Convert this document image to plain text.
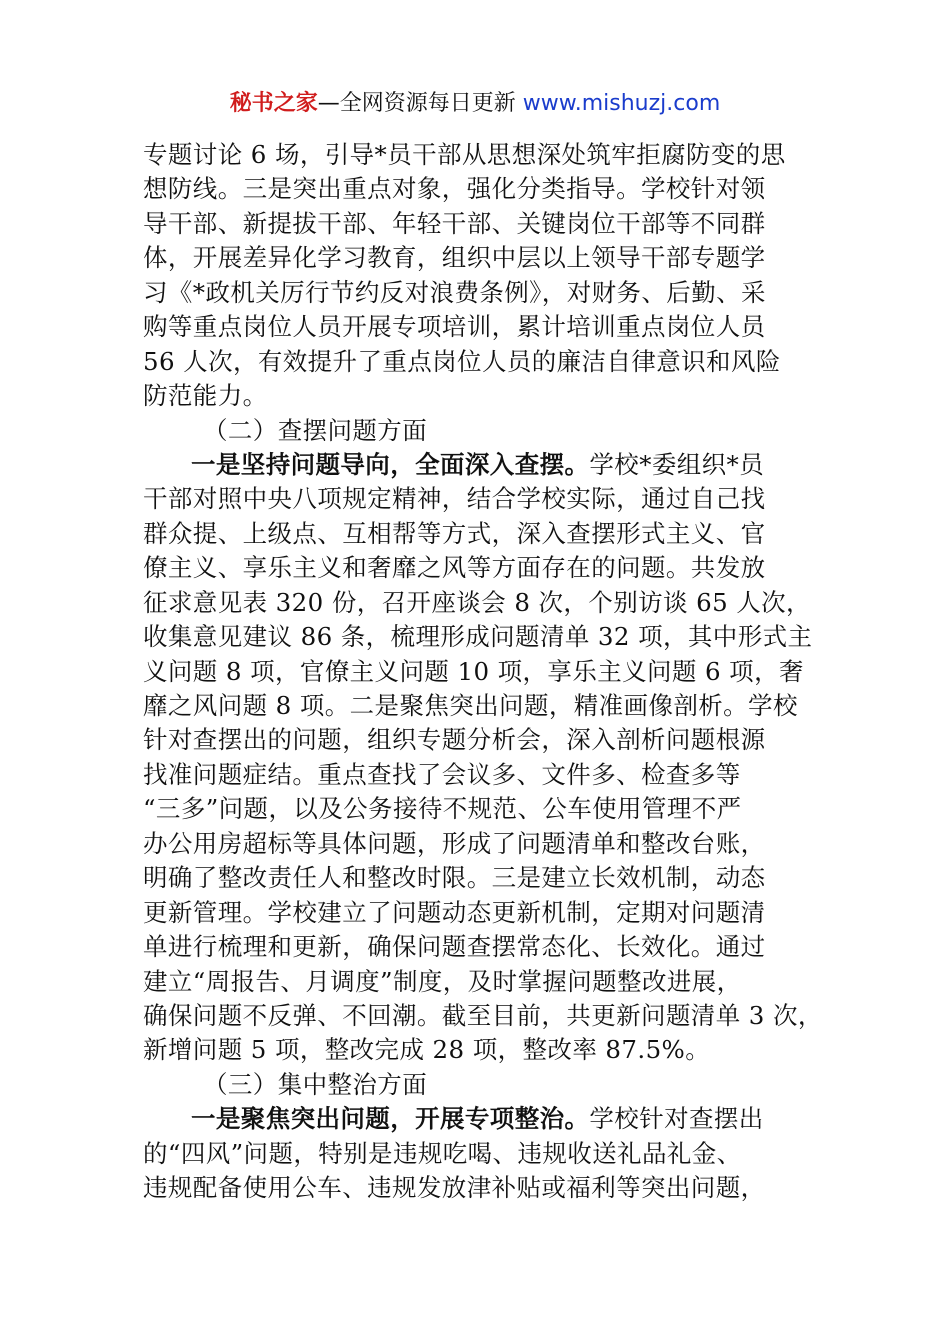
秘书之家—全网资源每日更新 www.mishuzj.com
专题讨论 6 场，引导*员干部从思想深处筑牢拒腐防变的思
想防线。三是突出重点对象，强化分类指导。学校针对领
导干部、新提拔干部、年轻干部、关键岗位干部等不同群
体，开展差异化学习教育，组织中层以上领导干部专题学
习《*政机关厉行节约反对浪费条例》，对财务、后勤、采
购等重点岗位人员开展专项培训，累计培训重点岗位人员
56 人次，有效提升了重点岗位人员的廉洁自律意识和风险
防范能力。
（二）查摆问题方面
一是坚持问题导向，全面深入查摆。学校*委组织*员
干部对照中央八项规定精神，结合学校实际，通过自己找
群众提、上级点、互相帮等方式，深入查摆形式主义、官
僚主义、享乐主义和奢靡之风等方面存在的问题。共发放
征求意见表 320 份，召开座谈会 8 次，个别访谈 65 人次，
收集意见建议 86 条，梳理形成问题清单 32 项，其中形式主
义问题 8 项，官僚主义问题 10 项，享乐主义问题 6 项，奢
靡之风问题 8 项。二是聚焦突出问题，精准画像剖析。学校
针对查摆出的问题，组织专题分析会，深入剖析问题根源
找准问题症结。重点查找了会议多、文件多、检查多等
“三多”问题，以及公务接待不规范、公车使用管理不严
办公用房超标等具体问题，形成了问题清单和整改台账，
明确了整改责任人和整改时限。三是建立长效机制，动态
更新管理。学校建立了问题动态更新机制，定期对问题清
单进行梳理和更新，确保问题查摆常态化、长效化。通过
建立“周报告、月调度”制度，及时掌握问题整改进展，
确保问题不反弹、不回潮。截至目前，共更新问题清单 3 次，
新增问题 5 项，整改完成 28 项，整改率 87.5%。
（三）集中整治方面
一是聚焦突出问题，开展专项整治。学校针对查摆出
的“四风”问题，特别是违规吃喝、违规收送礼品礼金、
违规配备使用公车、违规发放津补贴或福利等突出问题，
